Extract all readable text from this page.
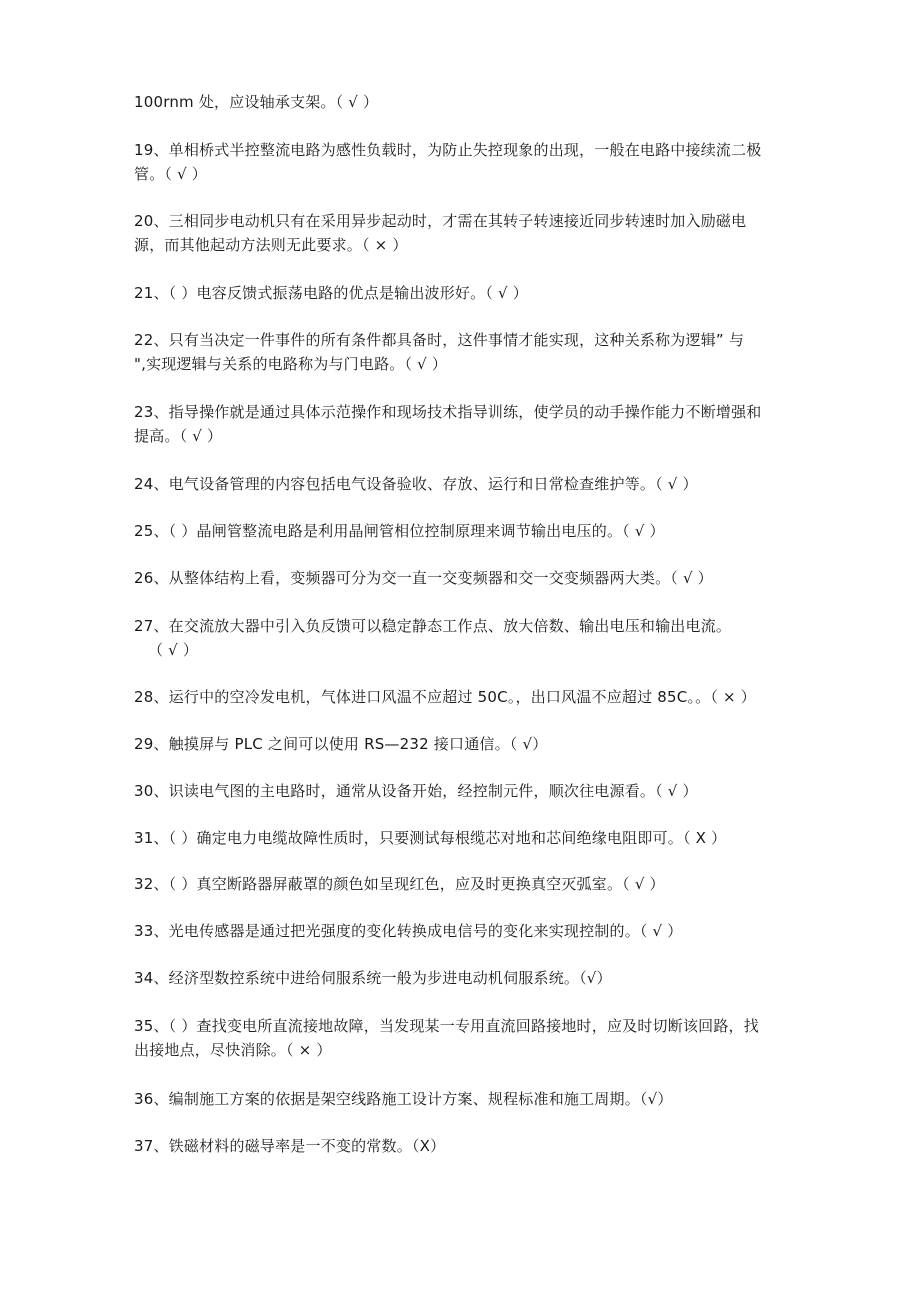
100rnm 处，应设轴承支架。（ √ ）
19、单相桥式半控整流电路为感性负载时，为防止失控现象的出现，一般在电路中接续流二极
管。（ √ ）
20、三相同步电动机只有在采用异步起动时，才需在其转子转速接近同步转速时加入励磁电
源，而其他起动方法则无此要求。（ × ）
21、（ ）电容反馈式振荡电路的优点是输出波形好。（ √ ）
22、只有当决定一件事件的所有条件都具备时，这件事情才能实现，这种关系称为逻辑” 与
",实现逻辑与关系的电路称为与门电路。（ √ ）
23、指导操作就是通过具体示范操作和现场技术指导训练，使学员的动手操作能力不断增强和
提高。（ √ ）
24、电气设备管理的内容包括电气设备验收、存放、运行和日常检查维护等。（ √ ）
25、（ ）晶闸管整流电路是利用晶闸管相位控制原理来调节输出电压的。（ √ ）
26、从整体结构上看，变频器可分为交一直一交变频器和交一交变频器两大类。（ √ ）
27、在交流放大器中引入负反馈可以稳定静态工作点、放大倍数、输出电压和输出电流。
（ √ ）
28、运行中的空冷发电机，气体进口风温不应超过 50C。，出口风温不应超过 85C。。（ × ）
29、触摸屏与 PLC 之间可以使用 RS—232 接口通信。（ √）
30、识读电气图的主电路时，通常从设备开始，经控制元件，顺次往电源看。（ √ ）
31、（ ）确定电力电缆故障性质时，只要测试每根缆芯对地和芯间绝缘电阻即可。（ X ）
32、（ ）真空断路器屏蔽罩的颜色如呈现红色，应及时更换真空灭弧室。（ √ ）
33、光电传感器是通过把光强度的变化转换成电信号的变化来实现控制的。（ √ ）
34、经济型数控系统中进给伺服系统一般为步进电动机伺服系统。（√）
35、（ ）查找变电所直流接地故障，当发现某一专用直流回路接地时，应及时切断该回路，找
出接地点，尽快消除。（ × ）
36、编制施工方案的依据是架空线路施工设计方案、规程标准和施工周期。（√）
37、铁磁材料的磁导率是一不变的常数。（X）
